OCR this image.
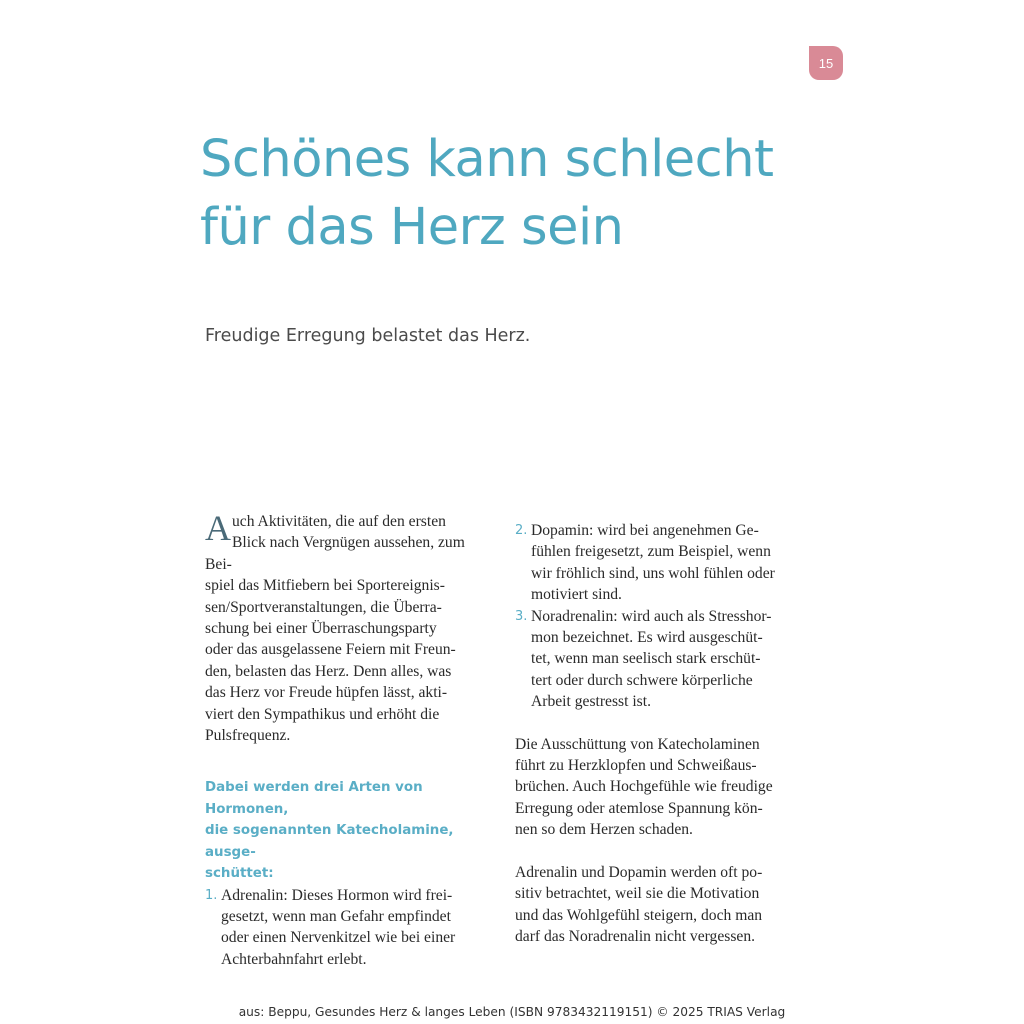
15
Schönes kann schlecht
für das Herz sein

Freudige Erregung belastet das Herz.

Auch Aktivitäten, die auf den ersten
Blick nach Vergnügen aussehen, zum Bei-
spiel das Mitfiebern bei Sportereignis-
sen/Sportveranstaltungen, die Überra-
schung bei einer Überraschungsparty
oder das ausgelassene Feiern mit Freun-
den, belasten das Herz. Denn alles, was
das Herz vor Freude hüpfen lässt, akti-
viert den Sympathikus und erhöht die
Pulsfrequenz.

Dabei werden drei Arten von Hormonen,
die sogenannten Katecholamine, ausge-
schüttet:

1. Adrenalin: Dieses Hormon wird frei-
gesetzt, wenn man Gefahr empfindet
oder einen Nervenkitzel wie bei einer
Achterbahnfahrt erlebt.
2. Dopamin: wird bei angenehmen Ge-
fühlen freigesetzt, zum Beispiel, wenn
wir fröhlich sind, uns wohl fühlen oder
motiviert sind.
3. Noradrenalin: wird auch als Stresshor-
mon bezeichnet. Es wird ausgeschüt-
tet, wenn man seelisch stark erschüt-
tert oder durch schwere körperliche
Arbeit gestresst ist.

Die Ausschüttung von Katecholaminen
führt zu Herzklopfen und Schweißaus-
brüchen. Auch Hochgefühle wie freudige
Erregung oder atemlose Spannung kön-
nen so dem Herzen schaden.

Adrenalin und Dopamin werden oft po-
sitiv betrachtet, weil sie die Motivation
und das Wohlgefühl steigern, doch man
darf das Noradrenalin nicht vergessen.

aus: Beppu, Gesundes Herz & langes Leben (ISBN 9783432119151) © 2025 TRIAS Verlag
